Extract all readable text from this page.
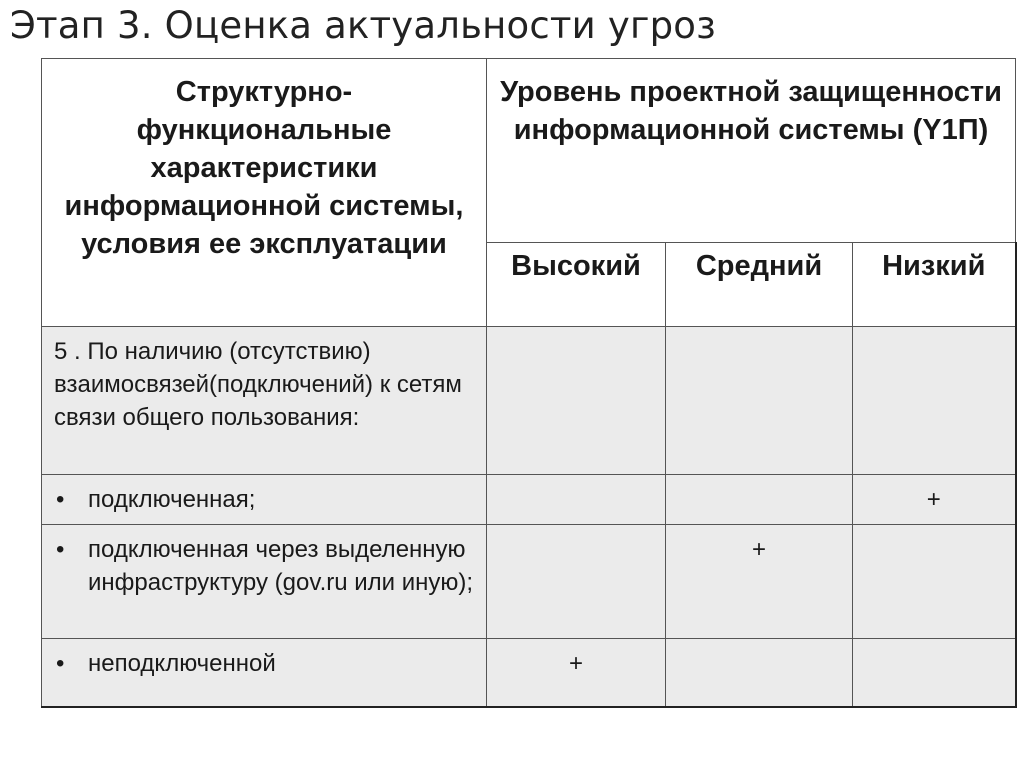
Этап 3. Оценка актуальности угроз
Структурно-функциональные характеристики информационной системы, условия ее эксплуатации	Уровень проектной защищенности информационной системы (Y1П)		
	Высокий	Средний	Низкий
5 . По наличию (отсутствию) взаимосвязей(подключений) к сетям связи общего пользования:			

• подключенная;			+

• подключенная через выделенную инфраструктуру (gov.ru или иную);		+	

• неподключенной	+		
